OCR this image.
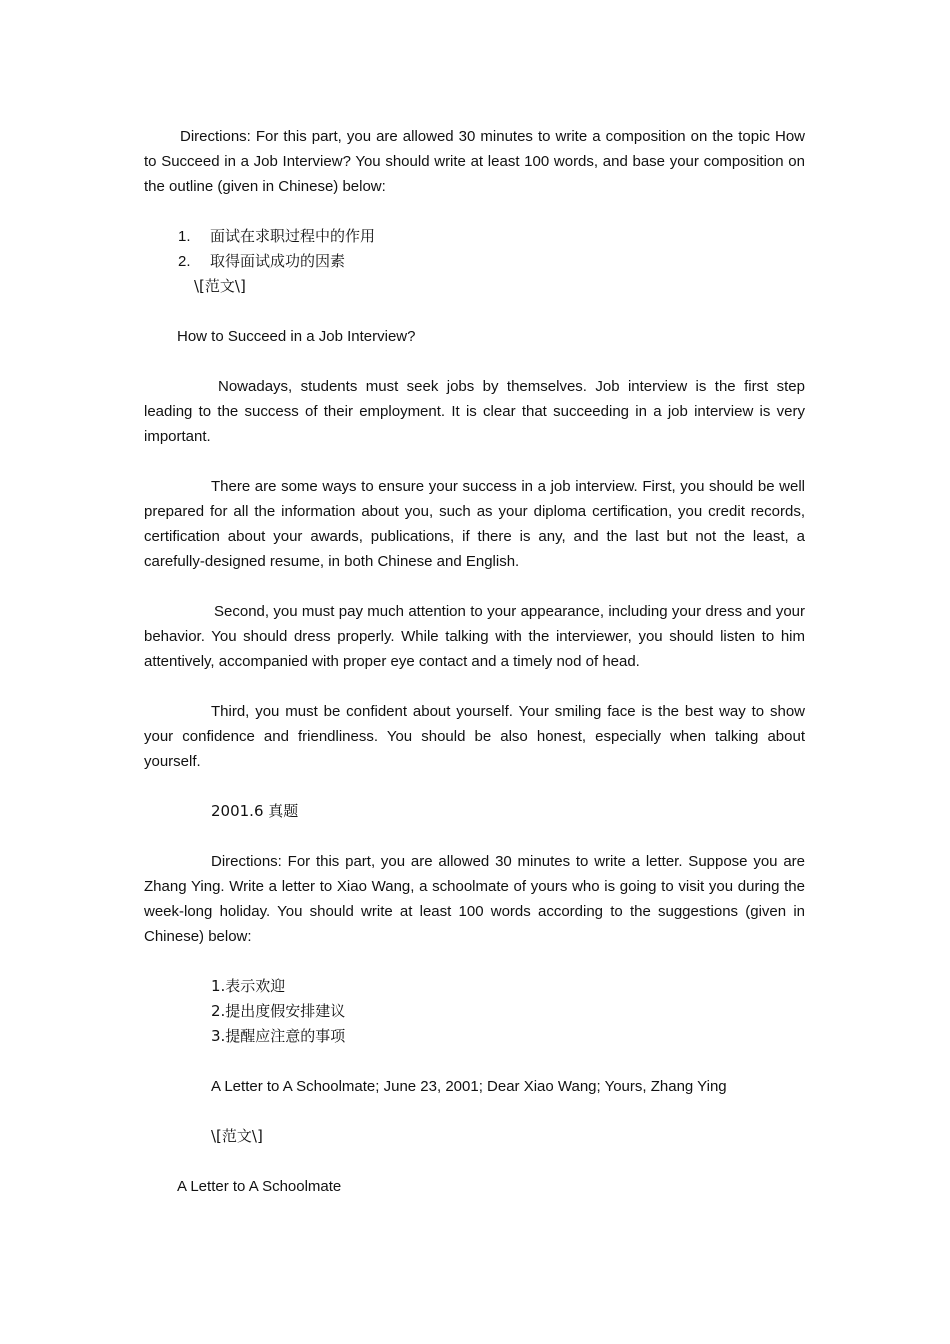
Directions: For this part, you are allowed 30 minutes to write a composition on the topic How to Succeed in a Job Interview? You should write at least 100 words, and base your composition on the outline (given in Chinese) below:

1. 面试在求职过程中的作用
2. 取得面试成功的因素

\[范文\]

How to Succeed in a Job Interview?

Nowadays, students must seek jobs by themselves. Job interview is the first step leading to the success of their employment. It is clear that succeeding in a job interview is very important.

There are some ways to ensure your success in a job interview. First, you should be well prepared for all the information about you, such as your diploma certification, you credit records, certification about your awards, publications, if there is any, and the last but not the least, a carefully-designed resume, in both Chinese and English.

Second, you must pay much attention to your appearance, including your dress and your behavior. You should dress properly. While talking with the interviewer, you should listen to him attentively, accompanied with proper eye contact and a timely nod of head.

Third, you must be confident about yourself. Your smiling face is the best way to show your confidence and friendliness. You should be also honest, especially when talking about yourself.

2001.6 真题

Directions: For this part, you are allowed 30 minutes to write a letter. Suppose you are Zhang Ying. Write a letter to Xiao Wang, a schoolmate of yours who is going to visit you during the week-long holiday. You should write at least 100 words according to the suggestions (given in Chinese) below:

1.表示欢迎

2.提出度假安排建议

3.提醒应注意的事项

A Letter to A Schoolmate; June 23, 2001; Dear Xiao Wang; Yours, Zhang Ying

\[范文\]

A Letter to A Schoolmate
